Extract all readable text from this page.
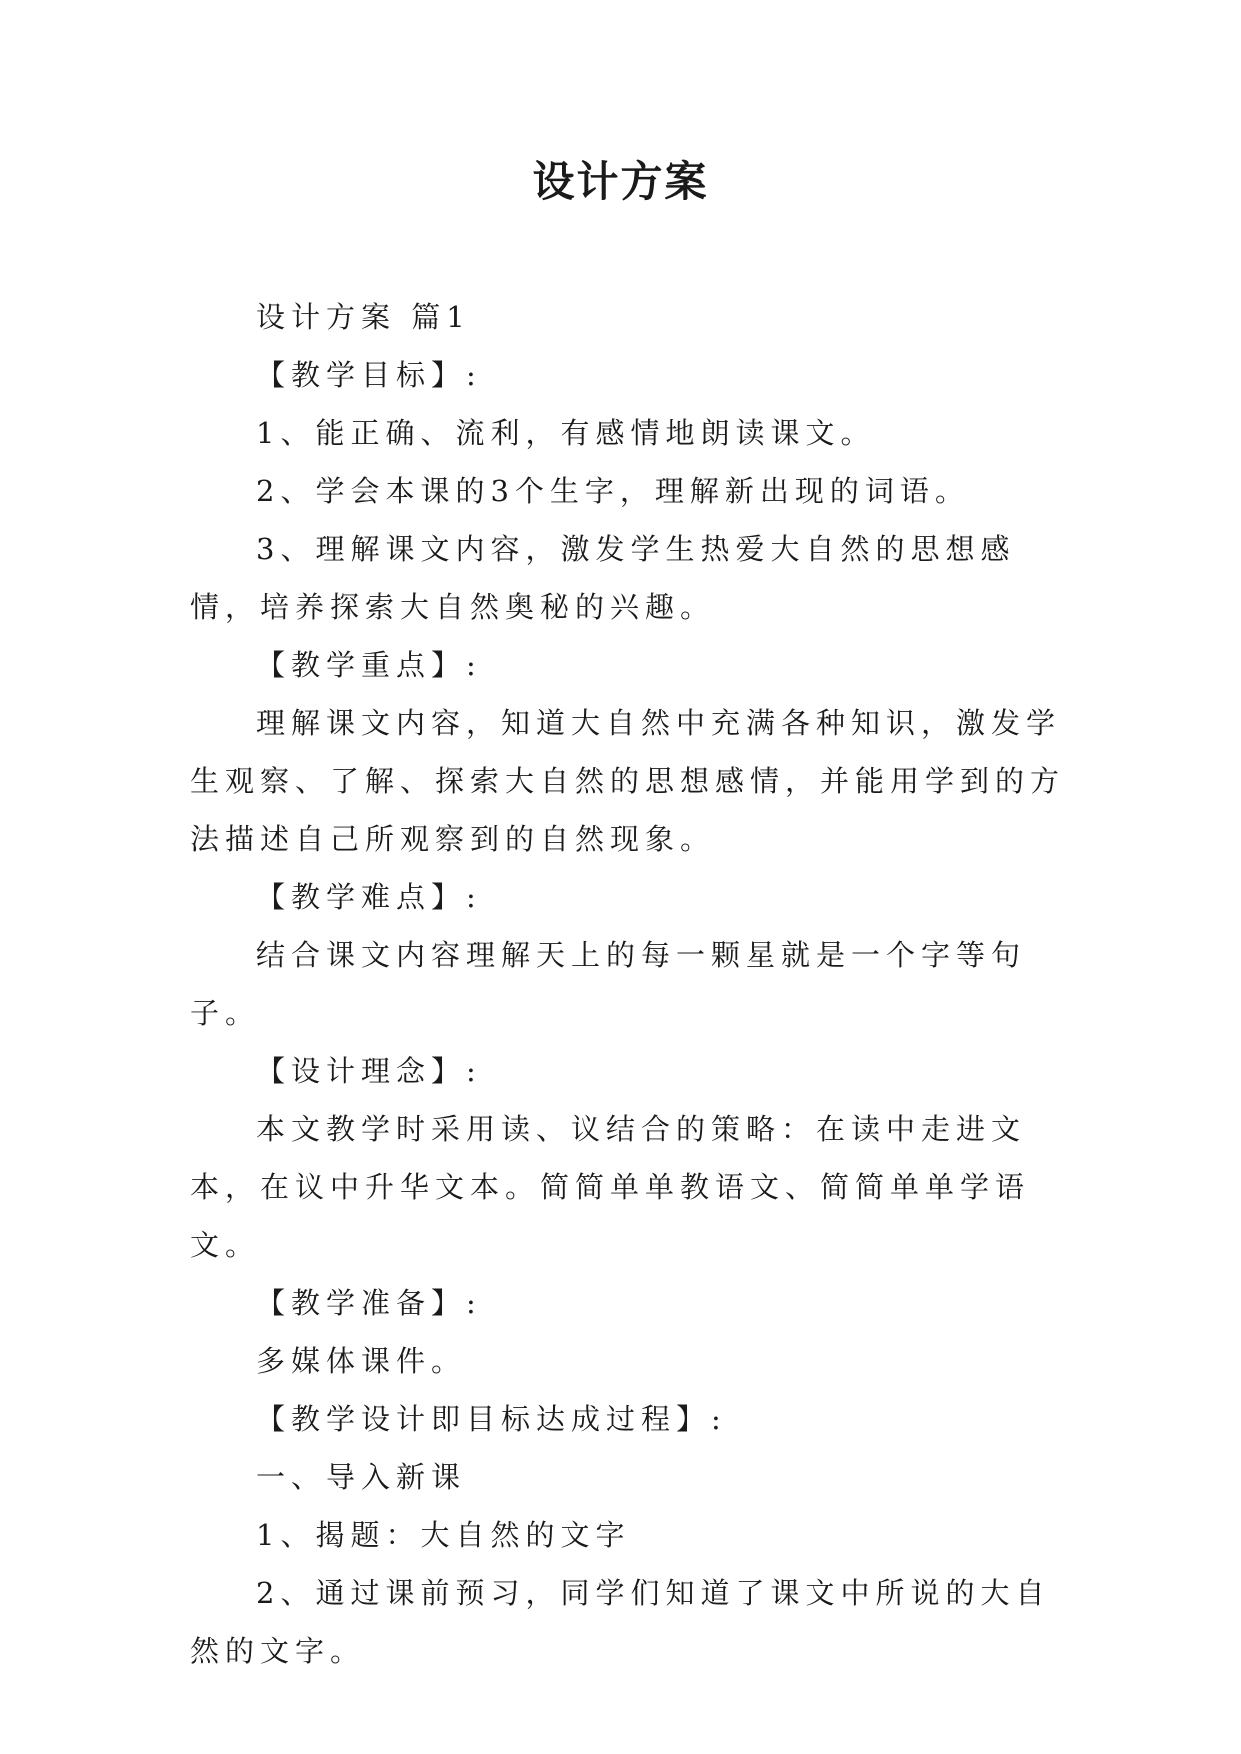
设计方案

设计方案 篇1

【教学目标】:

1、能正确、流利，有感情地朗读课文。

2、学会本课的3个生字，理解新出现的词语。

3、理解课文内容，激发学生热爱大自然的思想感情，培养探索大自然奥秘的兴趣。

【教学重点】:

理解课文内容，知道大自然中充满各种知识，激发学生观察、了解、探索大自然的思想感情，并能用学到的方法描述自己所观察到的自然现象。

【教学难点】:

结合课文内容理解天上的每一颗星就是一个字等句子。

【设计理念】:

本文教学时采用读、议结合的策略：在读中走进文本，在议中升华文本。简简单单教语文、简简单单学语文。

【教学准备】:

多媒体课件。

【教学设计即目标达成过程】:

一、导入新课

1、揭题：大自然的文字

2、通过课前预习，同学们知道了课文中所说的大自然的文字。
